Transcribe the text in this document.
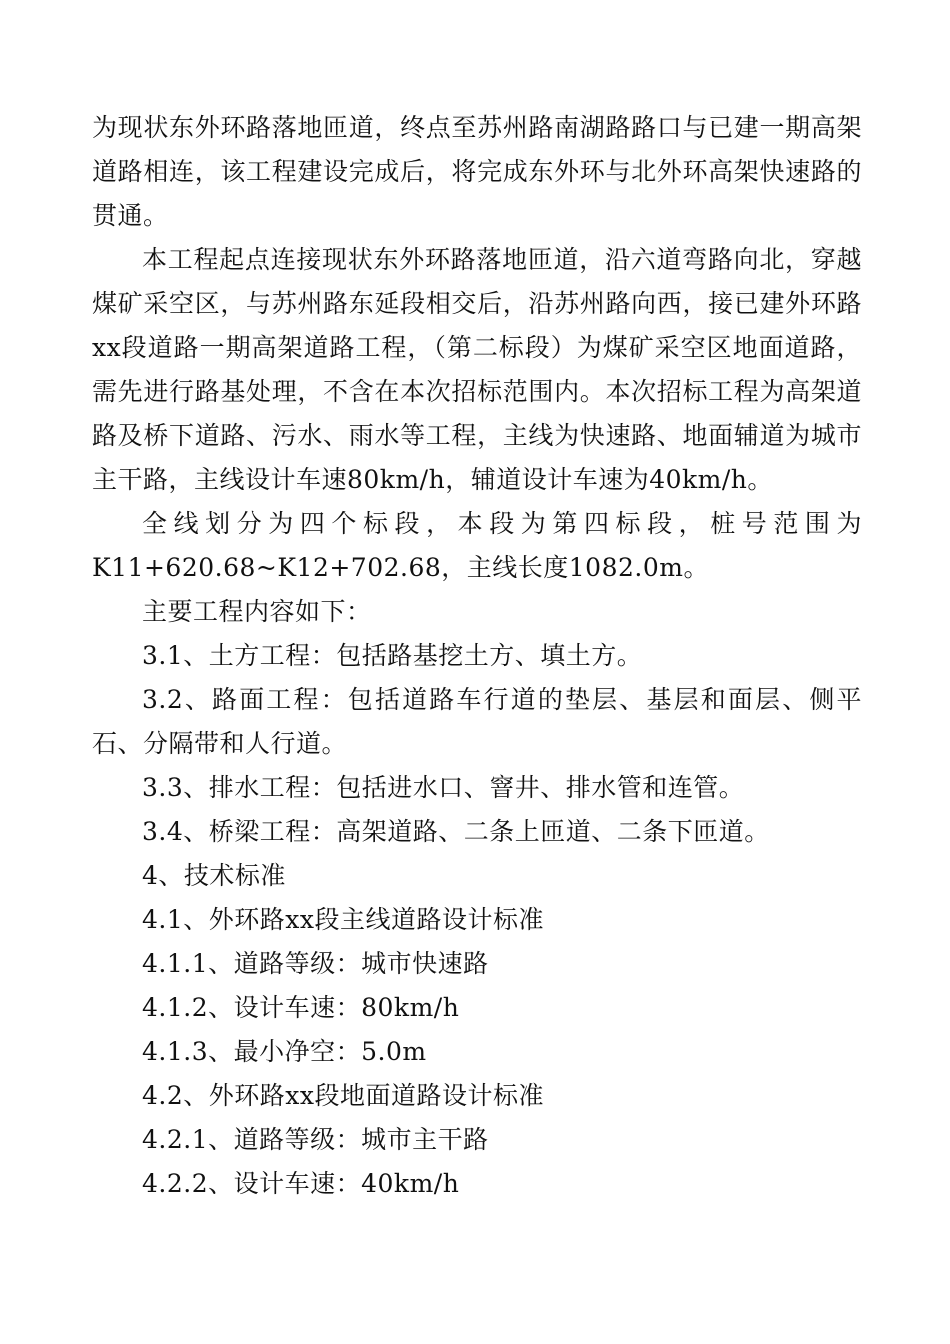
为现状东外环路落地匝道，终点至苏州路南湖路路口与已建一期高架道路相连，该工程建设完成后，将完成东外环与北外环高架快速路的贯通。

本工程起点连接现状东外环路落地匝道，沿六道弯路向北，穿越煤矿采空区，与苏州路东延段相交后，沿苏州路向西，接已建外环路xx段道路一期高架道路工程，（第二标段）为煤矿采空区地面道路，需先进行路基处理，不含在本次招标范围内。本次招标工程为高架道路及桥下道路、污水、雨水等工程，主线为快速路、地面辅道为城市主干路，主线设计车速80km/h，辅道设计车速为40km/h。

全线划分为四个标段，本段为第四标段，桩号范围为K11+620.68~K12+702.68，主线长度1082.0m。

主要工程内容如下：

3.1、土方工程：包括路基挖土方、填土方。

3.2、路面工程：包括道路车行道的垫层、基层和面层、侧平石、分隔带和人行道。

3.3、排水工程：包括进水口、窨井、排水管和连管。

3.4、桥梁工程：高架道路、二条上匝道、二条下匝道。

4、技术标准

4.1、外环路xx段主线道路设计标准

4.1.1、道路等级：城市快速路

4.1.2、设计车速：80km/h

4.1.3、最小净空：5.0m

4.2、外环路xx段地面道路设计标准

4.2.1、道路等级：城市主干路

4.2.2、设计车速：40km/h
